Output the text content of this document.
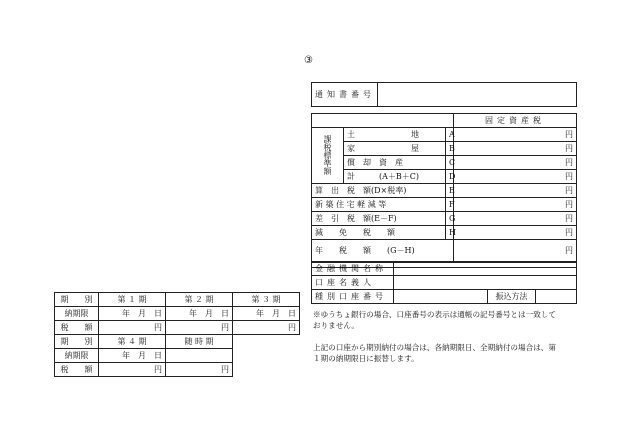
③
通知書番号				

				固定資産税
課税標準額	土　　　　　　　地		A	円
	家　　　　　　　屋		B	円
	償　却　資　産		C	円
	計　　　(A＋B＋C)		D	円
算　出　税　額(D×税率)			E	円
新 築 住 宅 軽 減 等			F	円
差　引　税　額(E－F)			G	円
減　　免　　税　　額			H	円
年　　税　　額　　(G－H)				円

金融機関名称			
口座名義人			
種別口座番号		振込方法	
※ゆうちょ銀行の場合、口座番号の表示は通帳の記号番号とは一致して
おりません。
上記の口座から期別納付の場合は、各納期限日、全期納付の場合は、第
１期の納期限日に振替します。
期　　別	第 １ 期	第 ２ 期	第 ３ 期
納期限	年　月　日	年　月　日	年　月　日
税　　額	円	円	円
期　　別	第 ４ 期	随 時 期	
納期限	年　月　日		
税　　額	円	円	
